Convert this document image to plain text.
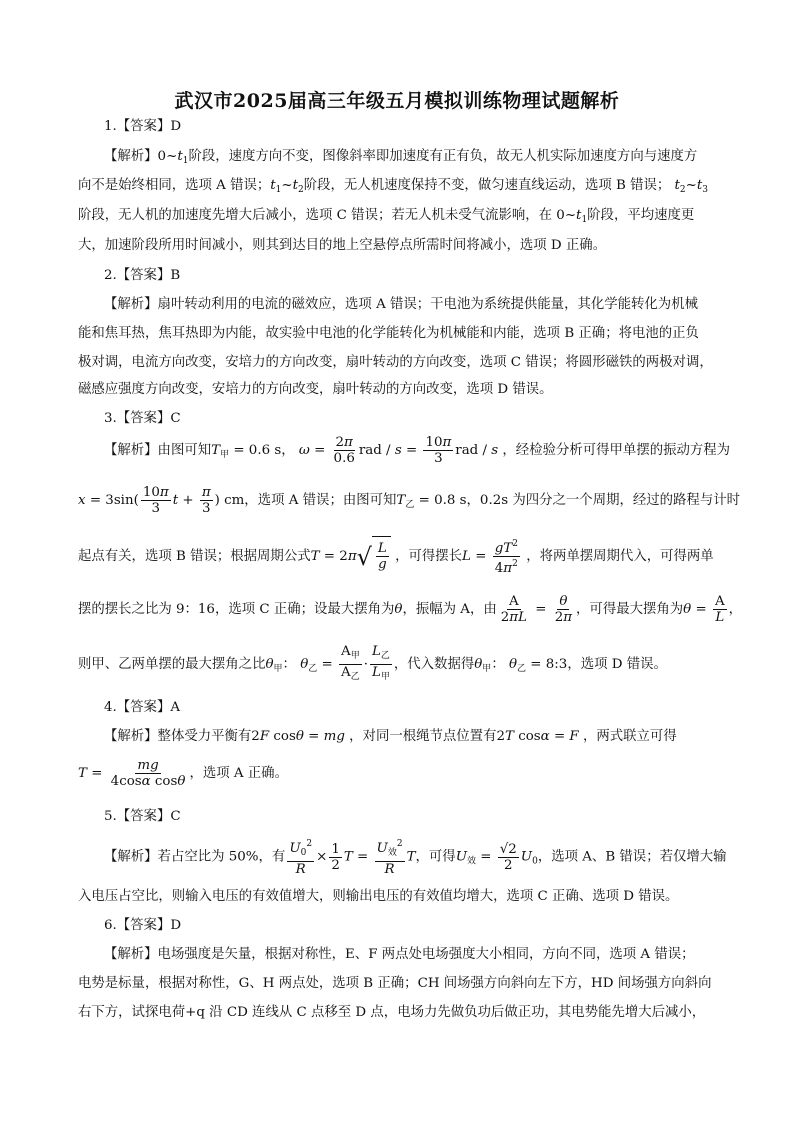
武汉市2025届高三年级五月模拟训练物理试题解析
1.【答案】D
【解析】$0\sim t_1$阶段，速度方向不变，图像斜率即加速度有正有负，故无人机实际加速度方向与速度方
向不是始终相同，选项 A 错误；$t_1\sim t_2$阶段，无人机速度保持不变，做匀速直线运动，选项 B 错误； $t_2\sim t_3$
阶段，无人机的加速度先增大后减小，选项 C 错误；若无人机未受气流影响，在 $0\sim t_1$阶段，平均速度更
大，加速阶段所用时间减小，则其到达目的地上空悬停点所需时间将减小，选项 D 正确。
2.【答案】B
【解析】扇叶转动利用的电流的磁效应，选项 A 错误；干电池为系统提供能量，其化学能转化为机械
能和焦耳热，焦耳热即为内能，故实验中电池的化学能转化为机械能和内能，选项 B 正确；将电池的正负
极对调，电流方向改变，安培力的方向改变，扇叶转动的方向改变，选项 C 错误；将圆形磁铁的两极对调，
磁感应强度方向改变，安培力的方向改变，扇叶转动的方向改变，选项 D 错误。
3.【答案】C
【解析】由图可知$T_甲 = 0.6$ s， $\omega = \frac{2\pi}{0.6}$ rad / $s = \frac{10\pi}{3}$ rad / s ，经检验分析可得甲单摆的振动方程为
$x = 3\sin( \frac{10\pi}{3}$ $t + \frac{\pi}{3}$ ) cm，选项 A 错误；由图可知$T_乙 = 0.8$ s，0.2s 为四分之一个周期，经过的路程与计时
起点有关，选项 B 错误；根据周期公式T = 2π √ $\frac{L}{g}$ ，可得摆长$L = \frac{gT^2}{4\pi^2}$ ，将两单摆周期代入，可得两单
摆的摆长之比为 9：16，选项 C 正确；设最大摆角为θ，振幅为 A，由 $\frac{A}{2\pi L} = \frac{\theta}{2\pi}$ ，可得最大摆角为$\theta = \frac{A}{L}$ ，
则甲、乙两单摆的最大摆角之比$\theta_甲$： $\theta_乙 = \frac{A_甲}{A_乙} \cdot \frac{L_乙}{L_甲}$ ，代入数据得$\theta_甲$： $\theta_乙$ = 8:3，选项 D 错误。
4.【答案】A
【解析】整体受力平衡有2F cosθ = mg ，对同一根绳节点位置有2T cosα = F ，两式联立可得
$T = \frac{mg}{\text{4cosα cosθ}}$ ，选项 A 正确。
5.【答案】C
【解析】若占空比为 50%，有 $\frac{U_0^2}{R} \times \frac{1}{2}$ $T = \frac{U_效^2}{R}$ T，可得$U_效 = \frac{√2}{2} U_0$，选项 A、B 错误；若仅增大输
入电压占空比，则输入电压的有效值增大，则输出电压的有效值均增大，选项 C 正确、选项 D 错误。
6.【答案】D
【解析】电场强度是矢量，根据对称性，E、F 两点处电场强度大小相同，方向不同，选项 A 错误；
电势是标量，根据对称性，G、H 两点处，选项 B 正确；CH 间场强方向斜向左下方，HD 间场强方向斜向
右下方，试探电荷+q 沿 CD 连线从 C 点移至 D 点，电场力先做负功后做正功，其电势能先增大后减小，
